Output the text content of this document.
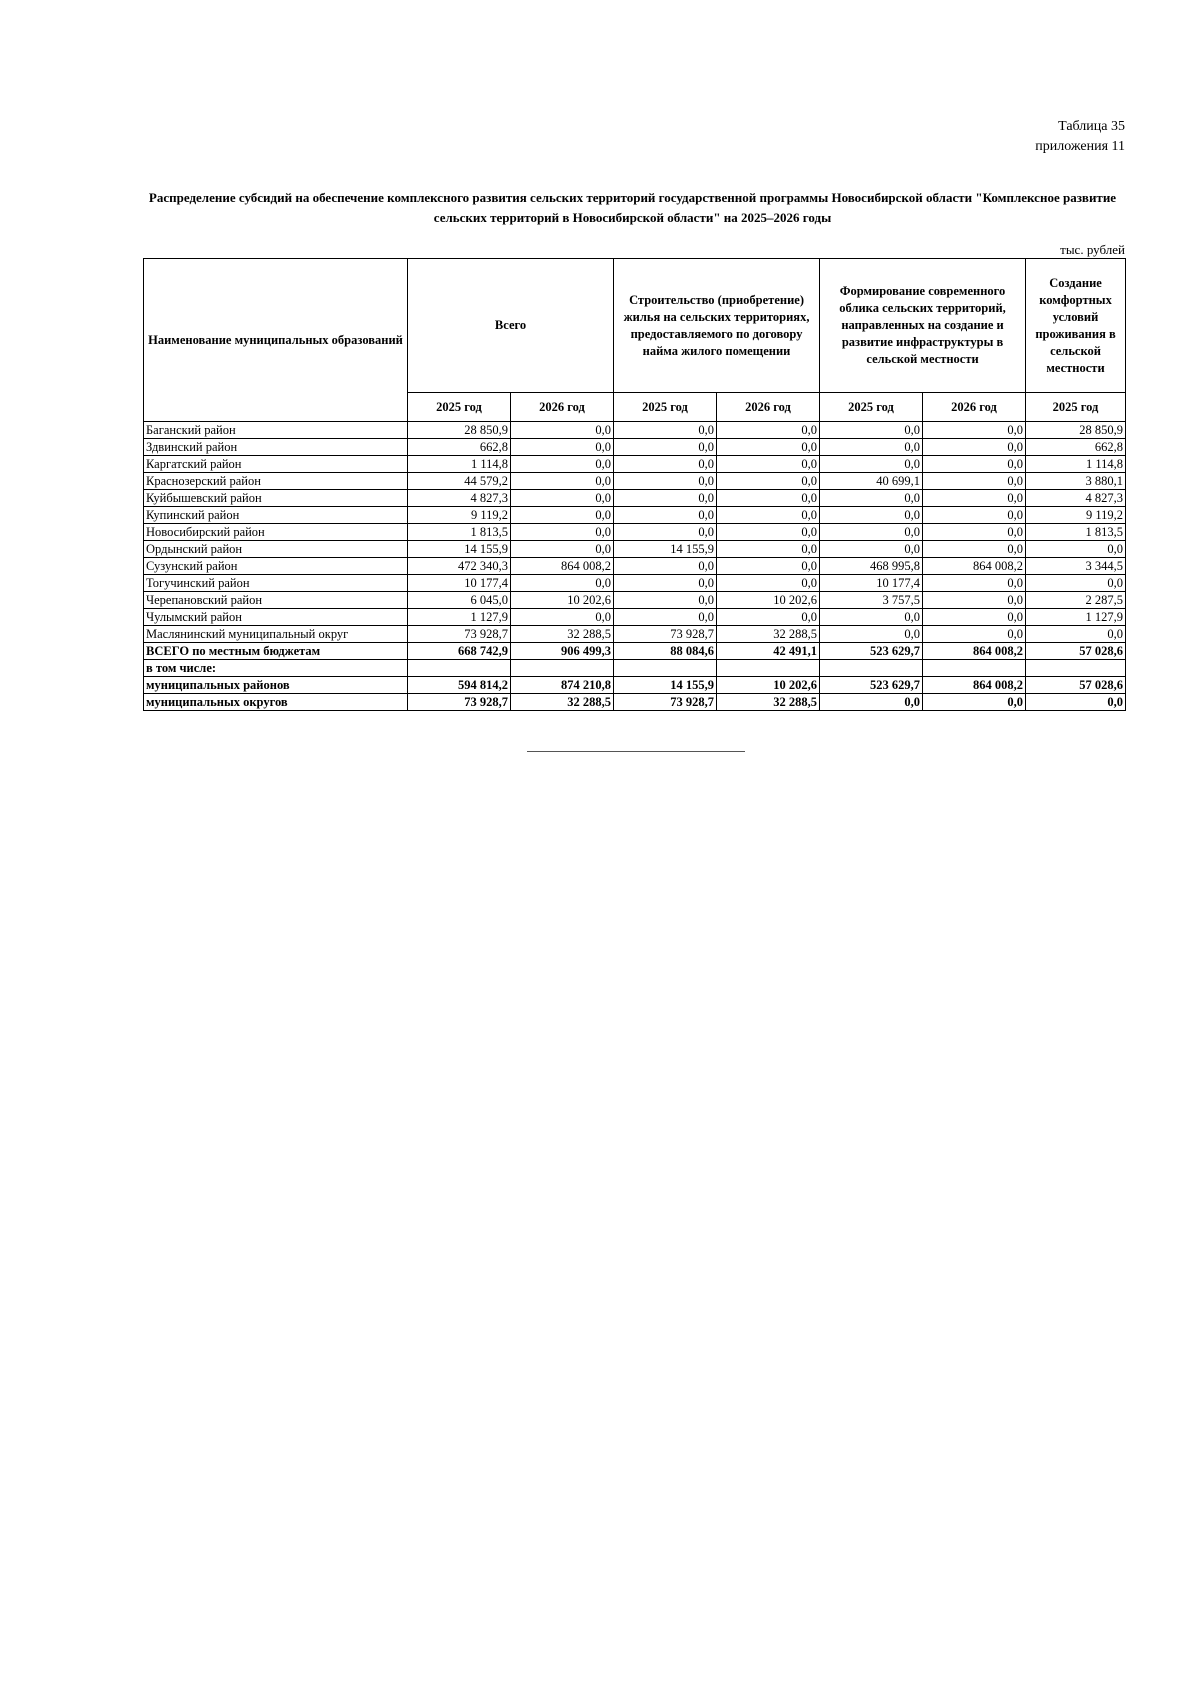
Таблица 35
приложения 11
Распределение субсидий на обеспечение комплексного развития сельских территорий государственной программы Новосибирской области "Комплексное развитие сельских территорий в Новосибирской области" на 2025–2026 годы
тыс. рублей
Наименование муниципальных образований	Всего		Строительство (приобретение) жилья на сельских территориях, предоставляемого по договору найма жилого помещении		Формирование современного облика сельских территорий, направленных на создание и развитие инфраструктуры в сельской местности		Создание комфортных условий проживания в сельской местности
	2025 год	2026 год	2025 год	2026 год	2025 год	2026 год	2025 год
Баганский район	28 850,9	0,0	0,0	0,0	0,0	0,0	28 850,9
Здвинский район	662,8	0,0	0,0	0,0	0,0	0,0	662,8
Каргатский район	1 114,8	0,0	0,0	0,0	0,0	0,0	1 114,8
Краснозерский район	44 579,2	0,0	0,0	0,0	40 699,1	0,0	3 880,1
Куйбышевский район	4 827,3	0,0	0,0	0,0	0,0	0,0	4 827,3
Купинский район	9 119,2	0,0	0,0	0,0	0,0	0,0	9 119,2
Новосибирский район	1 813,5	0,0	0,0	0,0	0,0	0,0	1 813,5
Ордынский район	14 155,9	0,0	14 155,9	0,0	0,0	0,0	0,0
Сузунский район	472 340,3	864 008,2	0,0	0,0	468 995,8	864 008,2	3 344,5
Тогучинский район	10 177,4	0,0	0,0	0,0	10 177,4	0,0	0,0
Черепановский район	6 045,0	10 202,6	0,0	10 202,6	3 757,5	0,0	2 287,5
Чулымский район	1 127,9	0,0	0,0	0,0	0,0	0,0	1 127,9
Маслянинский муниципальный округ	73 928,7	32 288,5	73 928,7	32 288,5	0,0	0,0	0,0
ВСЕГО по местным бюджетам	668 742,9	906 499,3	88 084,6	42 491,1	523 629,7	864 008,2	57 028,6
в том числе:							
муниципальных районов	594 814,2	874 210,8	14 155,9	10 202,6	523 629,7	864 008,2	57 028,6
муниципальных округов	73 928,7	32 288,5	73 928,7	32 288,5	0,0	0,0	0,0
